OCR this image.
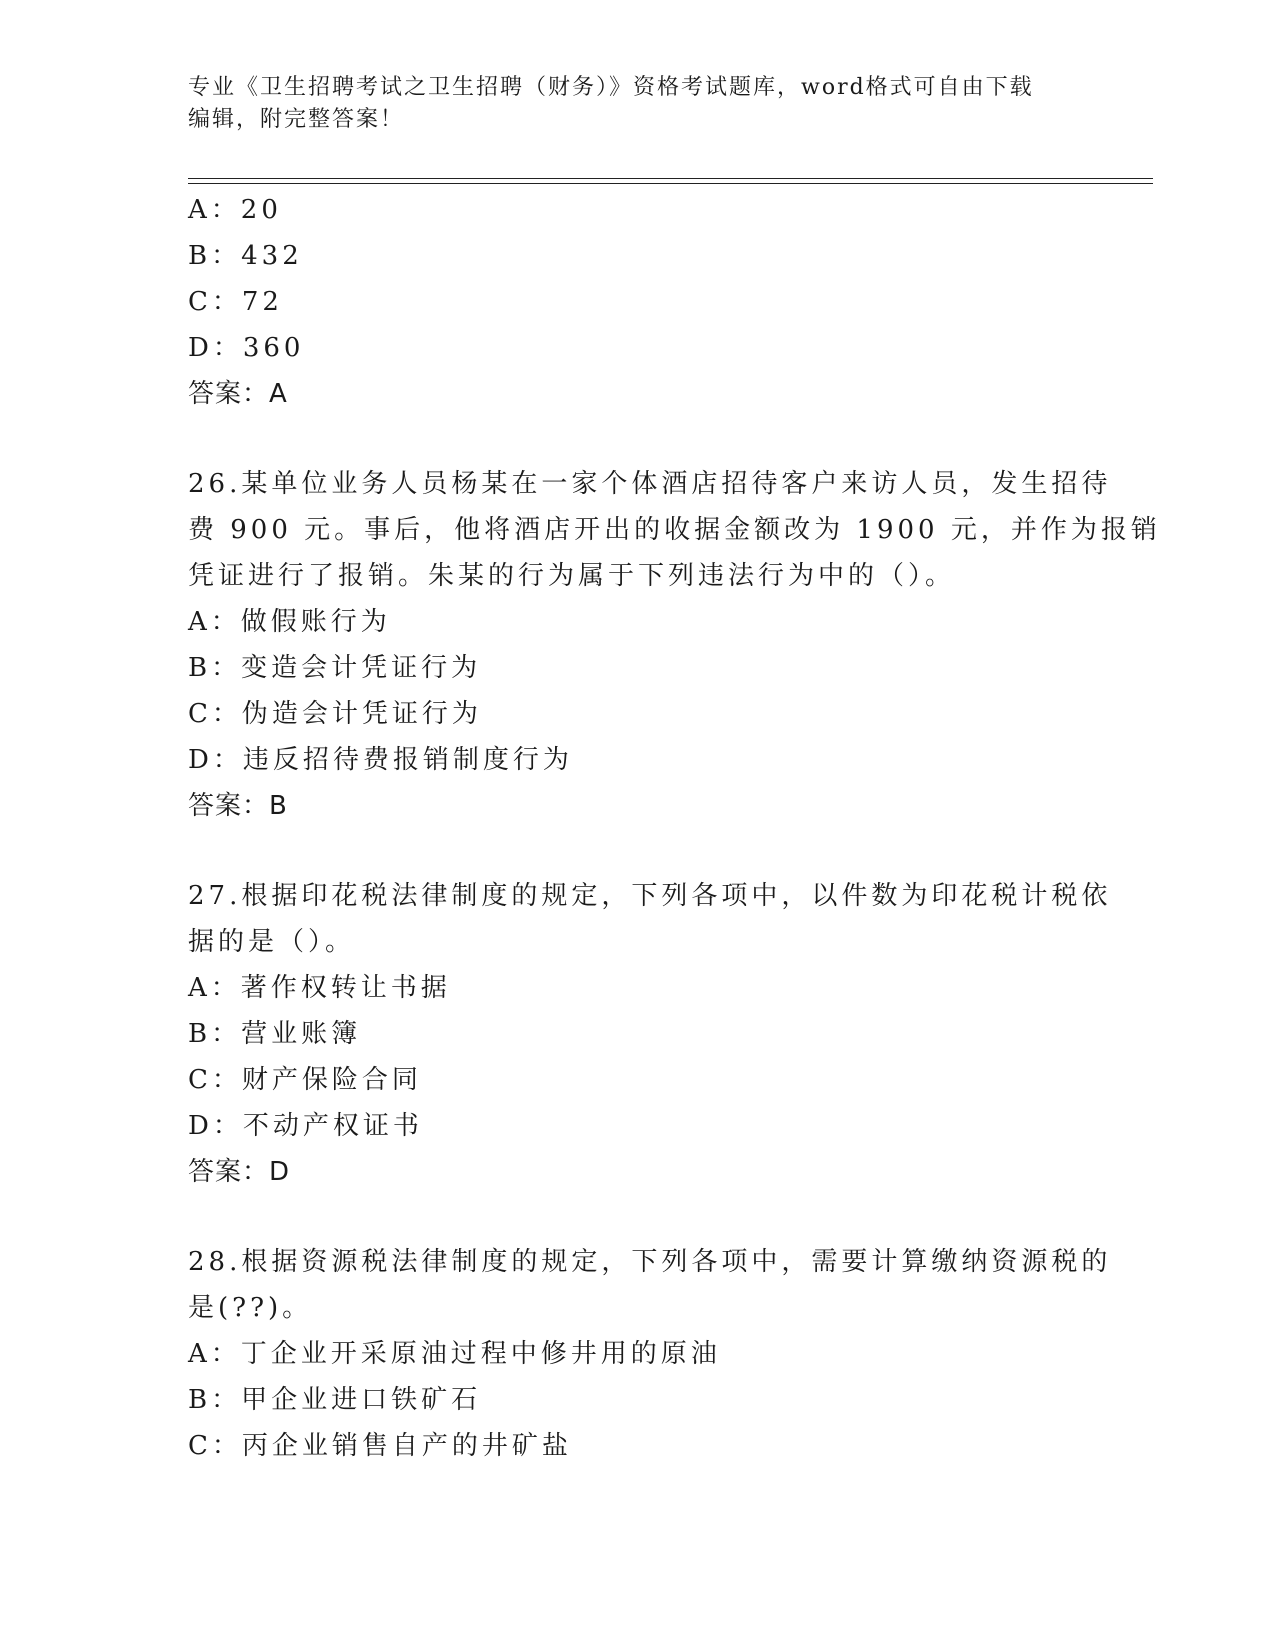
专业《卫生招聘考试之卫生招聘（财务）》资格考试题库，word格式可自由下载
编辑，附完整答案！
A：20
B：432
C：72
D：360
答案：A
26.某单位业务人员杨某在一家个体酒店招待客户来访人员，发生招待
费 900 元。事后，他将酒店开出的收据金额改为 1900 元，并作为报销
凭证进行了报销。朱某的行为属于下列违法行为中的（）。
A：做假账行为
B：变造会计凭证行为
C：伪造会计凭证行为
D：违反招待费报销制度行为
答案：B
27.根据印花税法律制度的规定，下列各项中，以件数为印花税计税依
据的是（）。
A：著作权转让书据
B：营业账簿
C：财产保险合同
D：不动产权证书
答案：D
28.根据资源税法律制度的规定，下列各项中，需要计算缴纳资源税的
是(??)。
A：丁企业开采原油过程中修井用的原油
B：甲企业进口铁矿石
C：丙企业销售自产的井矿盐
